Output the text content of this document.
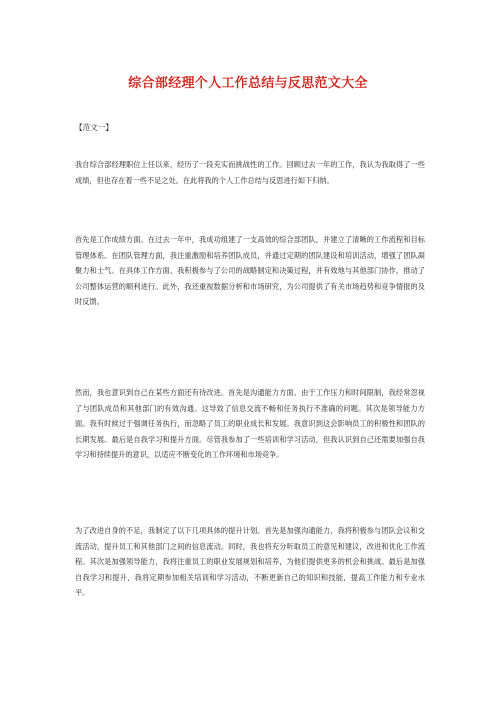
综合部经理个人工作总结与反思范文大全
【范文一】

我自综合部经理职位上任以来，经历了一段充实而挑战性的工作。回顾过去一年的工作，我认为我取得了一些成绩，但也存在着一些不足之处。在此将我的个人工作总结与反思进行如下归纳。

首先是工作成绩方面。在过去一年中，我成功组建了一支高效的综合部团队，并建立了清晰的工作流程和目标管理体系。在团队管理方面，我注重激励和培养团队成员，并通过定期的团队建设和培训活动，增强了团队凝聚力和士气。在具体工作方面，我积极参与了公司的战略制定和决策过程，并有效地与其他部门协作，推动了公司整体运营的顺利进行。此外，我还重视数据分析和市场研究，为公司提供了有关市场趋势和竞争情报的及时反馈。

然而，我也意识到自己在某些方面还有待改进。首先是沟通能力方面。由于工作压力和时间限制，我经常忽视了与团队成员和其他部门的有效沟通。这导致了信息交流不畅和任务执行不准确的问题。其次是领导能力方面。我有时候过于强调任务执行，而忽略了员工的职业成长和发展。我意识到这会影响员工的积极性和团队的长期发展。最后是自我学习和提升方面。尽管我参加了一些培训和学习活动，但我认识到自己还需要加强自我学习和持续提升的意识，以适应不断变化的工作环境和市场竞争。

为了改进自身的不足，我制定了以下几项具体的提升计划。首先是加强沟通能力，我将积极参与团队会议和交流活动，提升员工和其他部门之间的信息流动。同时，我也将充分听取员工的意见和建议，改进和优化工作流程。其次是加强领导能力，我将注重员工的职业发展规划和培养，为他们提供更多的机会和挑战。最后是加强自我学习和提升，我将定期参加相关培训和学习活动，不断更新自己的知识和技能，提高工作能力和专业水平。
